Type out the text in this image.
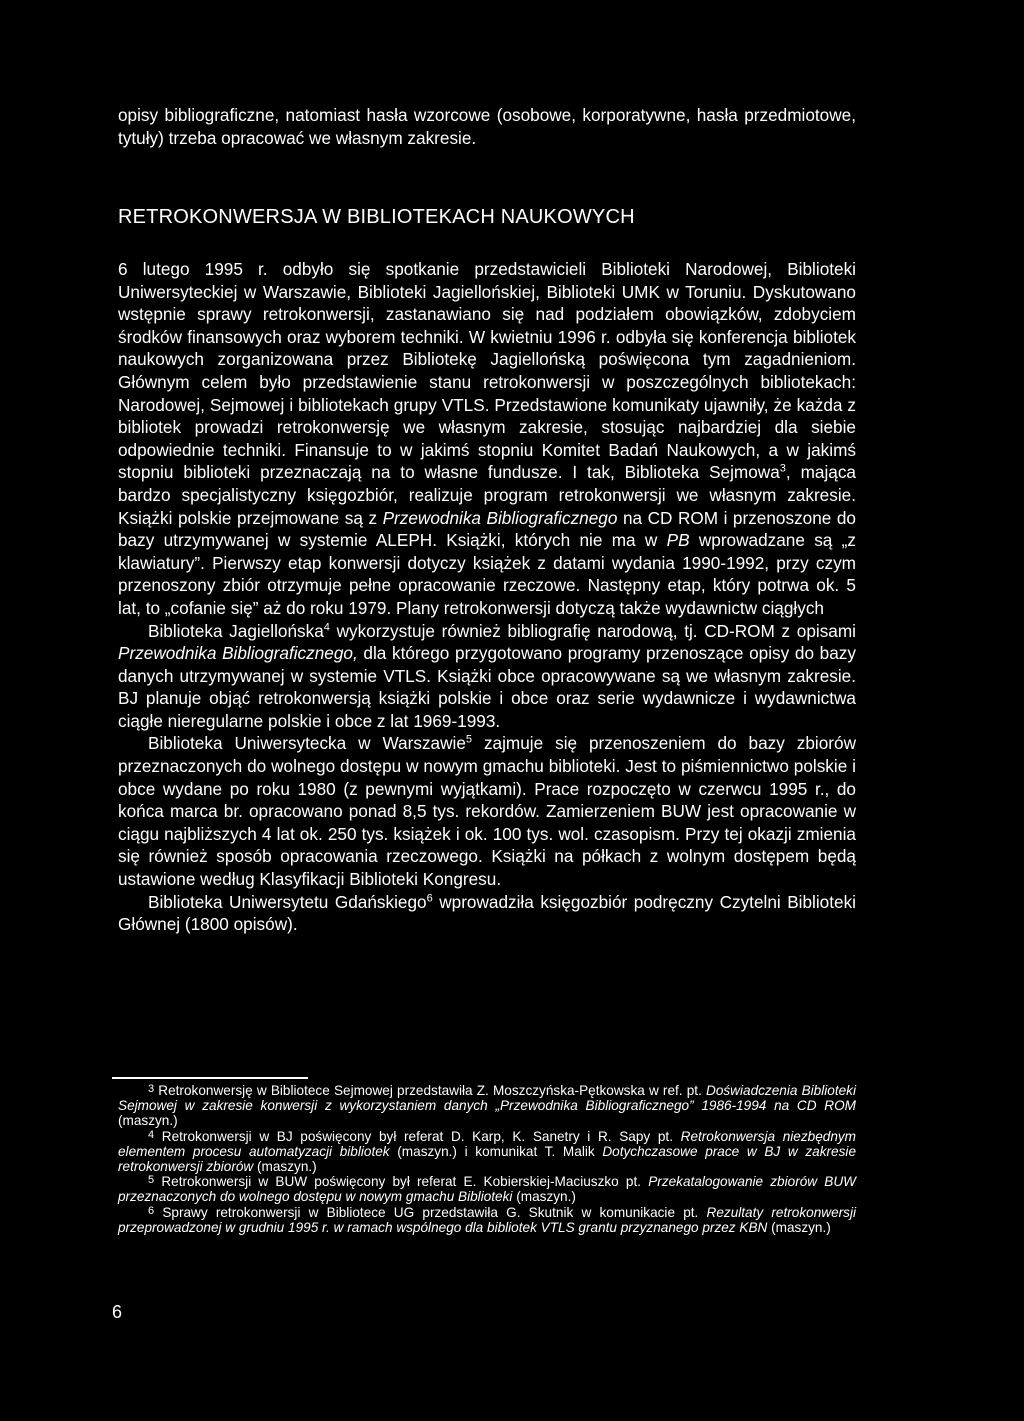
opisy bibliograficzne, natomiast hasła wzorcowe (osobowe, korporatywne, hasła przedmiotowe, tytuły) trzeba opracować we własnym zakresie.

RETROKONWERSJA W BIBLIOTEKACH NAUKOWYCH

6 lutego 1995 r. odbyło się spotkanie przedstawicieli Biblioteki Narodowej, Biblioteki Uniwersyteckiej w Warszawie, Biblioteki Jagiellońskiej, Biblioteki UMK w Toruniu. Dyskutowano wstępnie sprawy retrokonwersji, zastanawiano się nad podziałem obowiązków, zdobyciem środków finansowych oraz wyborem techniki. W kwietniu 1996 r. odbyła się konferencja bibliotek naukowych zorganizowana przez Bibliotekę Jagiellońską poświęcona tym zagadnieniom. Głównym celem było przedstawienie stanu retrokonwersji w poszczególnych bibliotekach: Narodowej, Sejmowej i bibliotekach grupy VTLS. Przedstawione komunikaty ujawniły, że każda z bibliotek prowadzi retrokonwersję we własnym zakresie, stosując najbardziej dla siebie odpowiednie techniki. Finansuje to w jakimś stopniu Komitet Badań Naukowych, a w jakimś stopniu biblioteki przeznaczają na to własne fundusze. I tak, Biblioteka Sejmowa$^3$, mająca bardzo specjalistyczny księgozbiór, realizuje program retrokonwersji we własnym zakresie. Książki polskie przejmowane są z Przewodnika Bibliograficznego na CD ROM i przenoszone do bazy utrzymywanej w systemie ALEPH. Książki, których nie ma w PB wprowadzane są „z klawiatury”. Pierwszy etap konwersji dotyczy książek z datami wydania 1990-1992, przy czym przenoszony zbiór otrzymuje pełne opracowanie rzeczowe. Następny etap, który potrwa ok. 5 lat, to „cofanie się” aż do roku 1979. Plany retrokonwersji dotyczą także wydawnictw ciągłych

Biblioteka Jagiellońska$^4$ wykorzystuje również bibliografię narodową, tj. CD-ROM z opisami Przewodnika Bibliograficznego, dla którego przygotowano programy przenoszące opisy do bazy danych utrzymywanej w systemie VTLS. Książki obce opracowywane są we własnym zakresie. BJ planuje objąć retrokonwersją książki polskie i obce oraz serie wydawnicze i wydawnictwa ciągłe nieregularne polskie i obce z lat 1969-1993.

Biblioteka Uniwersytecka w Warszawie$^5$ zajmuje się przenoszeniem do bazy zbiorów przeznaczonych do wolnego dostępu w nowym gmachu biblioteki. Jest to piśmiennictwo polskie i obce wydane po roku 1980 (z pewnymi wyjątkami). Prace rozpoczęto w czerwcu 1995 r., do końca marca br. opracowano ponad 8,5 tys. rekordów. Zamierzeniem BUW jest opracowanie w ciągu najbliższych 4 lat ok. 250 tys. książek i ok. 100 tys. wol. czasopism. Przy tej okazji zmienia się również sposób opracowania rzeczowego. Książki na półkach z wolnym dostępem będą ustawione według Klasyfikacji Biblioteki Kongresu.

Biblioteka Uniwersytetu Gdańskiego$^6$ wprowadziła księgozbiór podręczny Czytelni Biblioteki Głównej (1800 opisów).

$^3$ Retrokonwersję w Bibliotece Sejmowej przedstawiła Z. Moszczyńska-Pętkowska w ref. pt. Doświadczenia Biblioteki Sejmowej w zakresie konwersji z wykorzystaniem danych „Przewodnika Bibliograficznego” 1986-1994 na CD ROM (maszyn.)

$^4$ Retrokonwersji w BJ poświęcony był referat D. Karp, K. Sanetry i R. Sapy pt. Retrokonwersja niezbędnym elementem procesu automatyzacji bibliotek (maszyn.) i komunikat T. Malik Dotychczasowe prace w BJ w zakresie retrokonwersji zbiorów (maszyn.)

$^5$ Retrokonwersji w BUW poświęcony był referat E. Kobierskiej-Maciuszko pt. Przekatalogowanie zbiorów BUW przeznaczonych do wolnego dostępu w nowym gmachu Biblioteki (maszyn.)

$^6$ Sprawy retrokonwersji w Bibliotece UG przedstawiła G. Skutnik w komunikacie pt. Rezultaty retrokonwersji przeprowadzonej w grudniu 1995 r. w ramach wspólnego dla bibliotek VTLS grantu przyznanego przez KBN (maszyn.)

6
